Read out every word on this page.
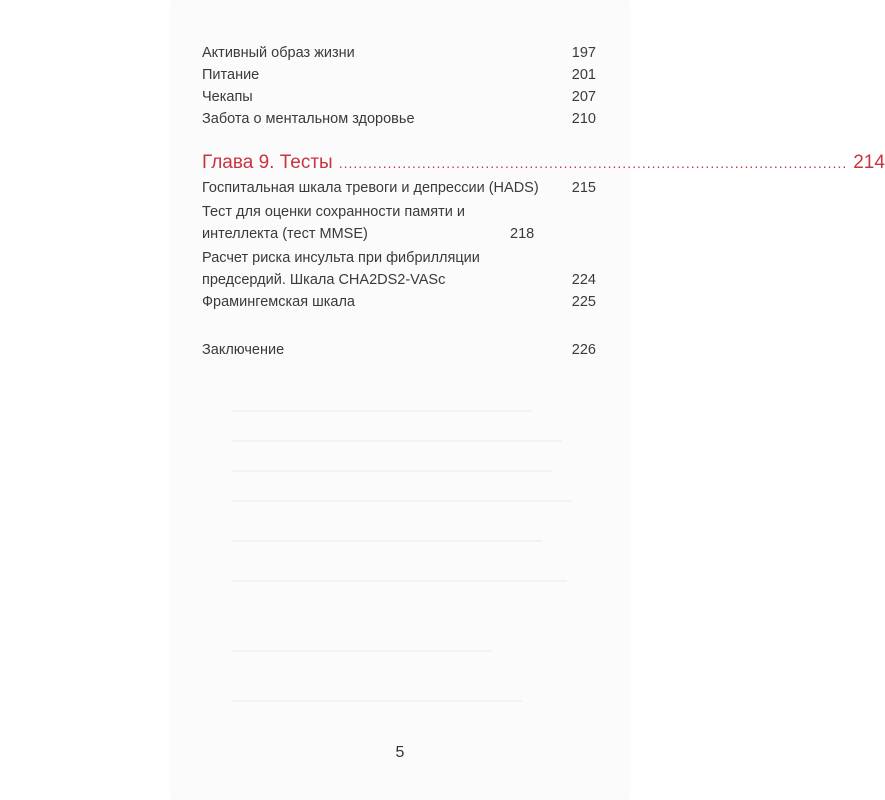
Активный образ жизни	197
Питание	201
Чекапы	207
Забота о ментальном здоровье	210
Глава 9. Тесты ........................................................................................................ 214
Госпитальная шкала тревоги и депрессии (HADS)	215
Тест для оценки сохранности памяти и интеллекта (тест MMSE)	218
Расчет риска инсульта при фибрилляции предсердий. Шкала CHA2DS2-VASc	224
Фрамингемская шкала	225
Заключение	226
5
